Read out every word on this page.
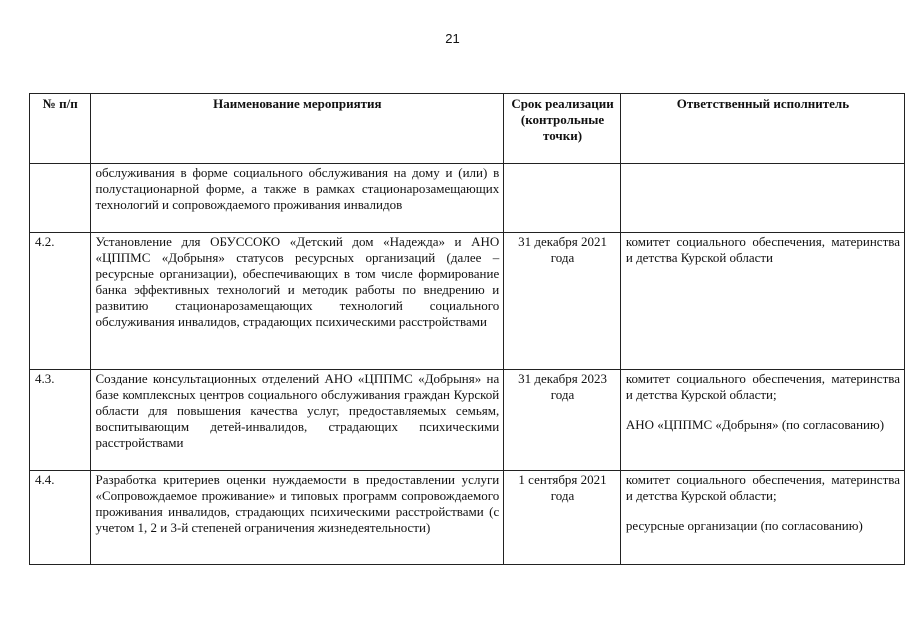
21
№ п/п	Наименование мероприятия	Срок реализации (контрольные точки)	Ответственный исполнитель
	обслуживания в форме социального обслуживания на дому и (или) в полустационарной форме, а также в рамках стационарозамещающих технологий и сопровождаемого проживания инвалидов		

4.2.	Установление для ОБУССОКО «Детский дом «Надежда» и АНО «ЦППМС «Добрыня» статусов ресурсных организаций (далее – ресурсные организации), обеспечивающих в том числе формирование банка эффективных технологий и методик работы по внедрению и развитию стационарозамещающих технологий социального обслуживания инвалидов, страдающих психическими расстройствами	31 декабря 2021 года	комитет социального обеспечения, материнства и детства Курской области

4.3.	Создание консультационных отделений АНО «ЦППМС «Добрыня» на базе комплексных центров социального обслуживания граждан Курской области для повышения качества услуг, предоставляемых семьям, воспитывающим детей-инвалидов, страдающих психическими расстройствами	31 декабря 2023 года	комитет социального обеспечения, материнства и детства Курской области;
АНО «ЦППМС «Добрыня» (по согласованию)

4.4.	Разработка критериев оценки нуждаемости в предоставлении услуги «Сопровождаемое проживание» и типовых программ сопровождаемого проживания инвалидов, страдающих психическими расстройствами (с учетом 1, 2 и 3-й степеней ограничения жизнедеятельности)	1 сентября 2021 года	комитет социального обеспечения, материнства и детства Курской области;
ресурсные организации (по согласованию)
